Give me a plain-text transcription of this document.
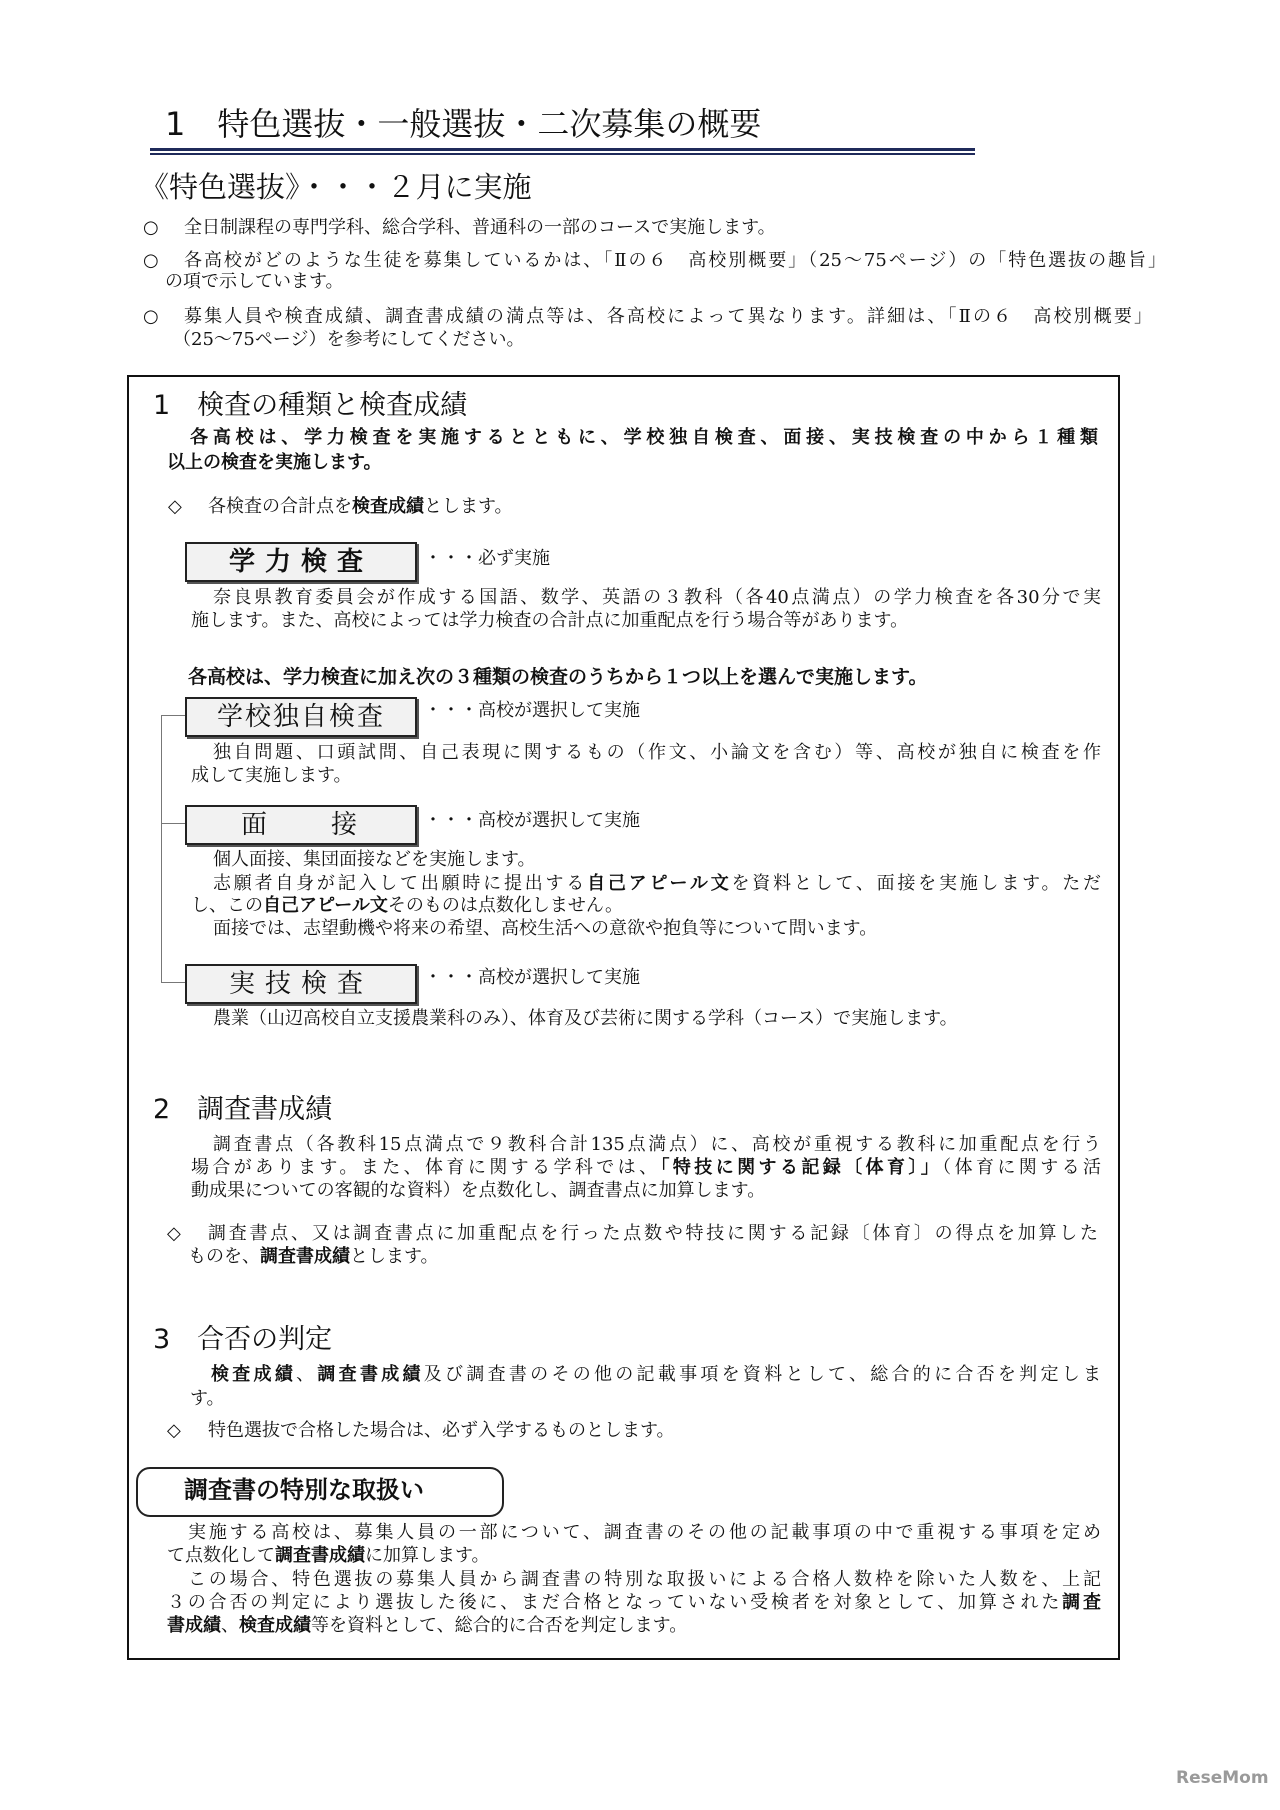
1　特色選抜・一般選抜・二次募集の概要
《特色選抜》・・・２月に実施
○ 全日制課程の専門学科、総合学科、普通科の一部のコースで実施します。
○ 各高校がどのような生徒を募集しているかは、「Ⅱの６　高校別概要」（25～75ページ）の「特色選抜の趣旨」
の項で示しています。
○ 募集人員や検査成績、調査書成績の満点等は、各高校によって異なります。詳細は、「Ⅱの６　高校別概要」
（25～75ページ）を参考にしてください。
1　検査の種類と検査成績
各高校は、学力検査を実施するとともに、学校独自検査、面接、実技検査の中から１種類
以上の検査を実施します。
◇ 各検査の合計点を検査成績とします。
学力検査	・・・必ず実施
奈良県教育委員会が作成する国語、数学、英語の３教科（各40点満点）の学力検査を各30分で実
施します。また、高校によっては学力検査の合計点に加重配点を行う場合等があります。
各高校は、学力検査に加え次の３種類の検査のうちから１つ以上を選んで実施します。
学校独自検査	・・・高校が選択して実施
独自問題、口頭試問、自己表現に関するもの（作文、小論文を含む）等、高校が独自に検査を作
成して実施します。
面　　接	・・・高校が選択して実施
個人面接、集団面接などを実施します。
志願者自身が記入して出願時に提出する自己アピール文を資料として、面接を実施します。ただ
し、この自己アピール文そのものは点数化しません。
面接では、志望動機や将来の希望、高校生活への意欲や抱負等について問います。
実技検査	・・・高校が選択して実施
農業（山辺高校自立支援農業科のみ）、体育及び芸術に関する学科（コース）で実施します。
2　調査書成績
調査書点（各教科15点満点で９教科合計135点満点）に、高校が重視する教科に加重配点を行う
場合があります。また、体育に関する学科では、「特技に関する記録〔体育〕」（体育に関する活
動成果についての客観的な資料）を点数化し、調査書点に加算します。
◇ 調査書点、又は調査書点に加重配点を行った点数や特技に関する記録〔体育〕の得点を加算した
ものを、調査書成績とします。
3　合否の判定
検査成績、調査書成績及び調査書のその他の記載事項を資料として、総合的に合否を判定しま
す。
◇ 特色選抜で合格した場合は、必ず入学するものとします。
調査書の特別な取扱い
実施する高校は、募集人員の一部について、調査書のその他の記載事項の中で重視する事項を定め
て点数化して調査書成績に加算します。
この場合、特色選抜の募集人員から調査書の特別な取扱いによる合格人数枠を除いた人数を、上記
３の合否の判定により選抜した後に、まだ合格となっていない受検者を対象として、加算された調査
書成績、検査成績等を資料として、総合的に合否を判定します。
ReseMom
